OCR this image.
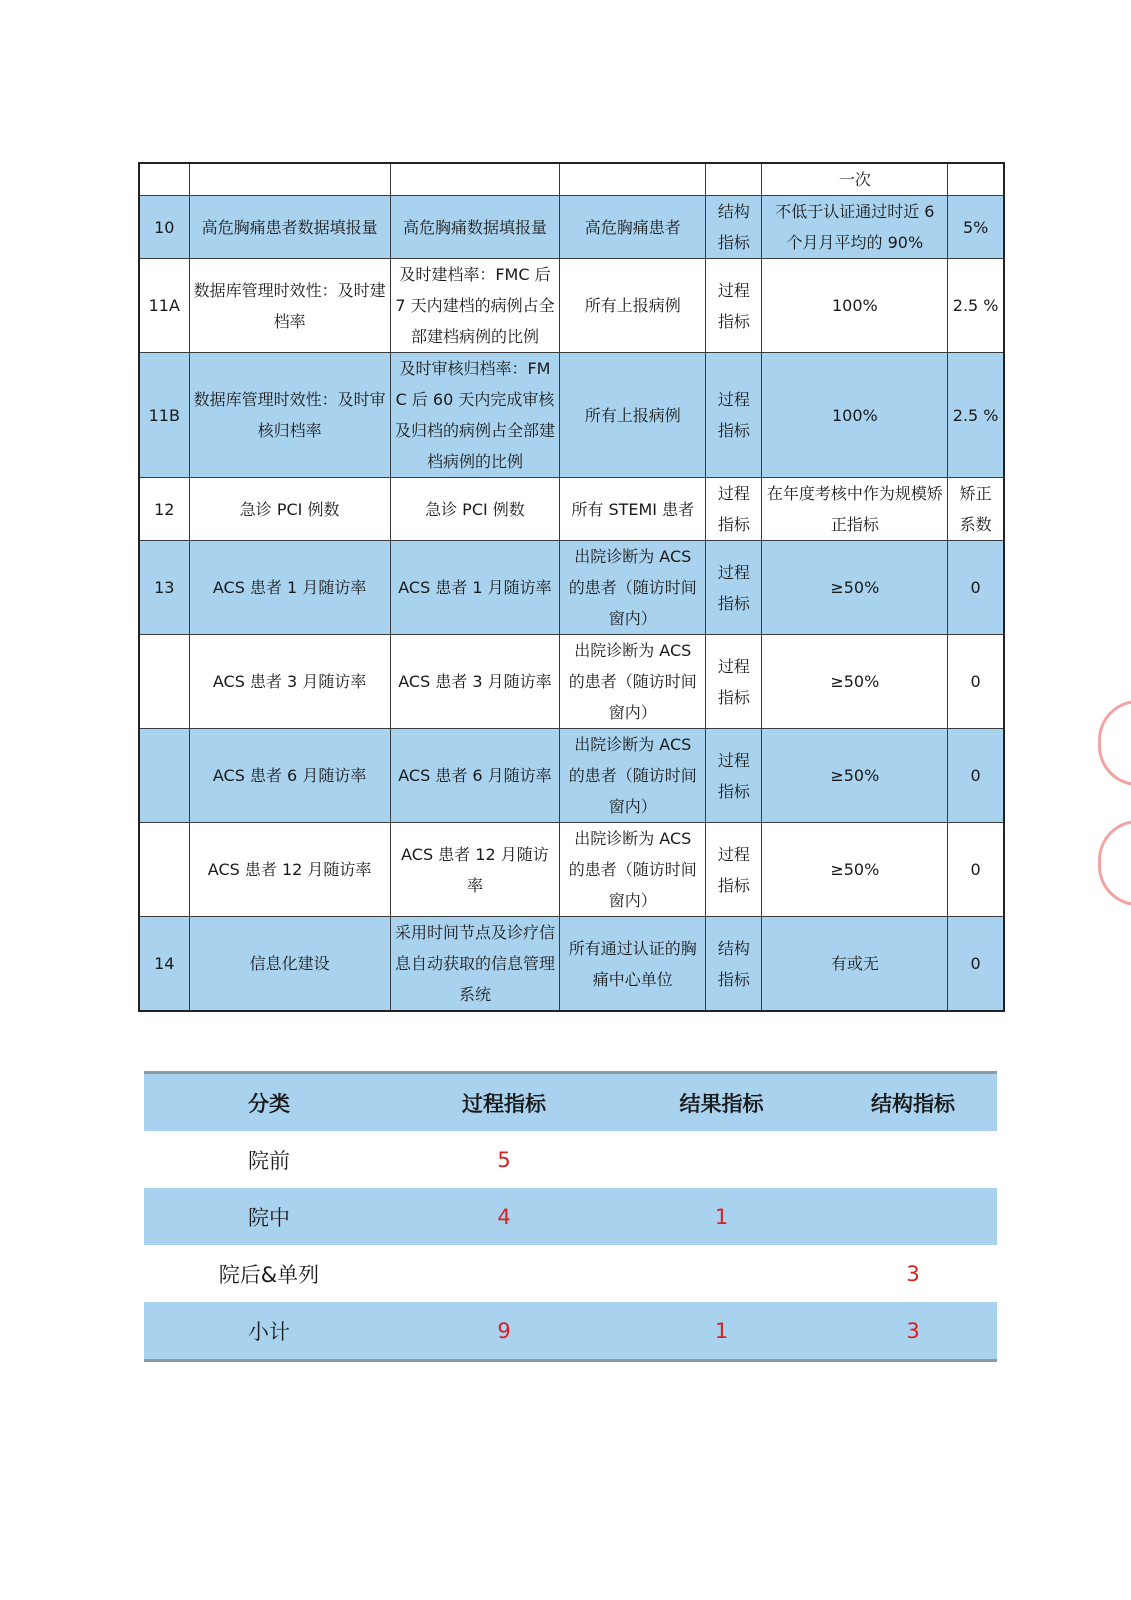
					一次	
10	高危胸痛患者数据填报量	高危胸痛数据填报量	高危胸痛患者	结构指标	不低于认证通过时近 6 个月月平均的 90%	5%
11A	数据库管理时效性：及时建档率	及时建档率：FMC 后 7 天内建档的病例占全部建档病例的比例	所有上报病例	过程指标	100%	2.5 %
11B	数据库管理时效性：及时审核归档率	及时审核归档率：FMC 后 60 天内完成审核及归档的病例占全部建档病例的比例	所有上报病例	过程指标	100%	2.5 %
12	急诊 PCI 例数	急诊 PCI 例数	所有 STEMI 患者	过程指标	在年度考核中作为规模矫正指标	矫正系数
13	ACS 患者 1 月随访率	ACS 患者 1 月随访率	出院诊断为 ACS 的患者（随访时间窗内）	过程指标	≥50%	0
	ACS 患者 3 月随访率	ACS 患者 3 月随访率	出院诊断为 ACS 的患者（随访时间窗内）	过程指标	≥50%	0
	ACS 患者 6 月随访率	ACS 患者 6 月随访率	出院诊断为 ACS 的患者（随访时间窗内）	过程指标	≥50%	0
	ACS 患者 12 月随访率	ACS 患者 12 月随访率	出院诊断为 ACS 的患者（随访时间窗内）	过程指标	≥50%	0
14	信息化建设	采用时间节点及诊疗信息自动获取的信息管理系统	所有通过认证的胸痛中心单位	结构指标	有或无	0
分类	过程指标	结果指标	结构指标
院前	5		
院中	4	1	
院后&单列			3
小计	9	1	3
